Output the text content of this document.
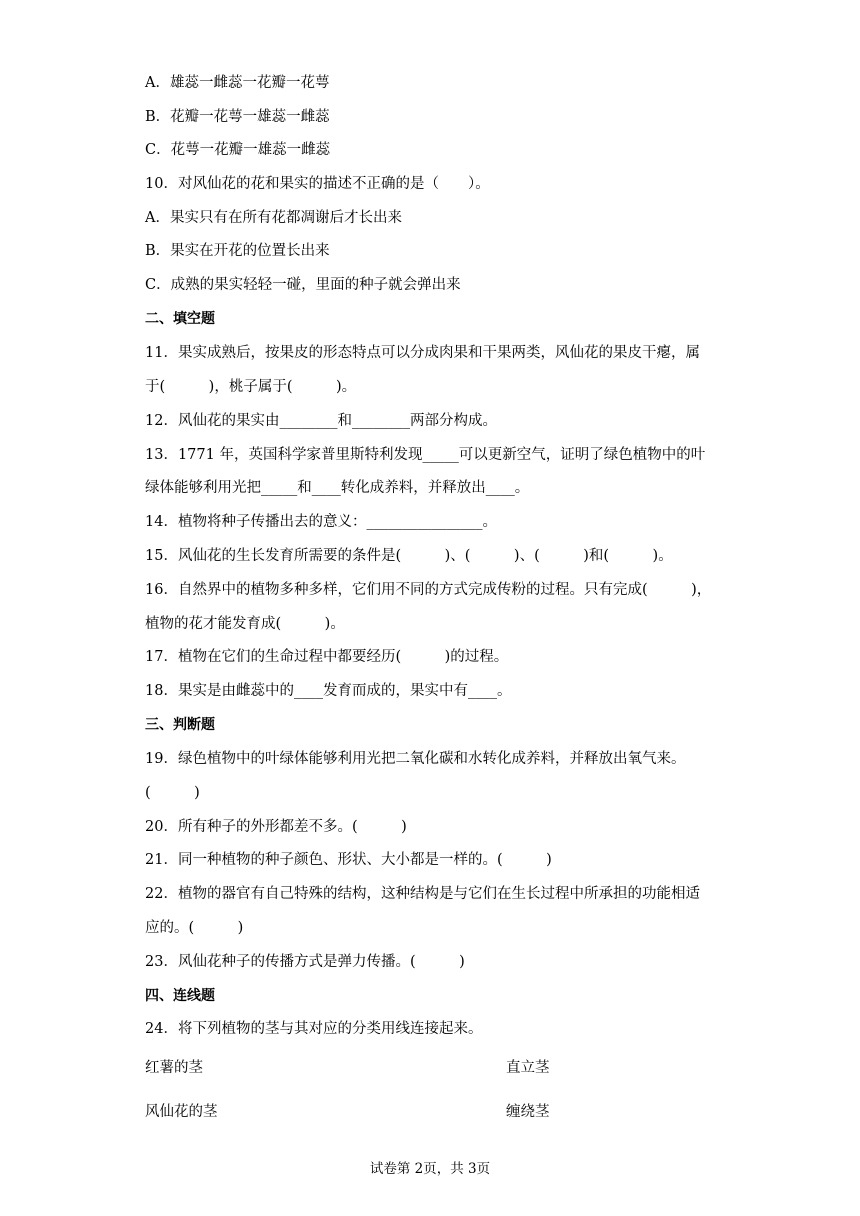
A．雄蕊一雌蕊一花瓣一花萼
B．花瓣一花萼一雄蕊一雌蕊
C．花萼一花瓣一雄蕊一雌蕊
10．对风仙花的花和果实的描述不正确的是（　　）。
A．果实只有在所有花都凋谢后才长出来
B．果实在开花的位置长出来
C．成熟的果实轻轻一碰，里面的种子就会弹出来
二、填空题
11．果实成熟后，按果皮的形态特点可以分成肉果和干果两类，风仙花的果皮干瘪，属
于(　　　)，桃子属于(　　　)。
12．风仙花的果实由________和________两部分构成。
13．1771 年，英国科学家普里斯特利发现_____可以更新空气，证明了绿色植物中的叶
绿体能够利用光把_____和____转化成养料，并释放出____。
14．植物将种子传播出去的意义：________________。
15．风仙花的生长发育所需要的条件是(　　　)、(　　　)、(　　　)和(　　　)。
16．自然界中的植物多种多样，它们用不同的方式完成传粉的过程。只有完成(　　　)，
植物的花才能发育成(　　　)。
17．植物在它们的生命过程中都要经历(　　　)的过程。
18．果实是由雌蕊中的____发育而成的，果实中有____。
三、判断题
19．绿色植物中的叶绿体能够利用光把二氧化碳和水转化成养料，并释放出氧气来。
(　　　)
20．所有种子的外形都差不多。(　　　)
21．同一种植物的种子颜色、形状、大小都是一样的。(　　　)
22．植物的器官有自己特殊的结构，这种结构是与它们在生长过程中所承担的功能相适
应的。(　　　)
23．风仙花种子的传播方式是弹力传播。(　　　)
四、连线题
24．将下列植物的茎与其对应的分类用线连接起来。
红薯的茎	直立茎
风仙花的茎	缠绕茎
试卷第 2页，共 3页
